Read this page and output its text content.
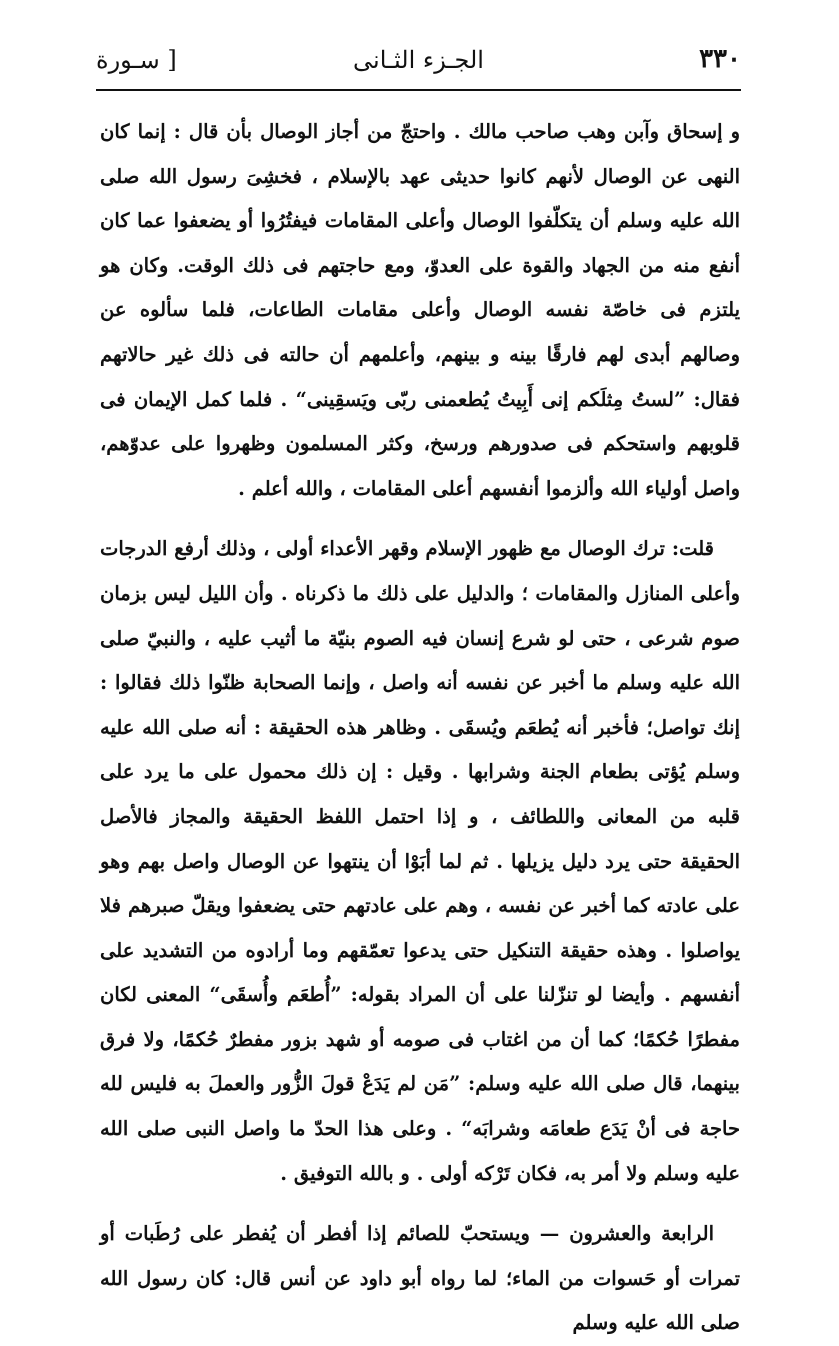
٣٣٠
الجـزء الثـانى
[ سـورة

و إسحاق وآبن وهب صاحب مالك . واحتجّ من أجاز الوصال بأن قال : إنما كان النهى عن الوصال لأنهم كانوا حديثى عهد بالإسلام ، فخشِىَ رسول الله صلى الله عليه وسلم أن يتكلّفوا الوصال وأعلى المقامات فيفتُرُوا أو يضعفوا عما كان أنفع منه من الجهاد والقوة على العدوّ، ومع حاجتهم فى ذلك الوقت. وكان هو يلتزم فى خاصّة نفسه الوصال وأعلى مقامات الطاعات، فلما سألوه عن وصالهم أبدى لهم فارقًا بينه و بينهم، وأعلمهم أن حالته فى ذلك غير حالاتهم فقال: ”لستُ مِثلَكم إنى أَبِيتُ يُطعمنى ربّى ويَسقِينى“ . فلما كمل الإيمان فى قلوبهم واستحكم فى صدورهم ورسخ، وكثر المسلمون وظهروا على عدوّهم، واصل أولياء الله وألزموا أنفسهم أعلى المقامات ، والله أعلم .

قلت: ترك الوصال مع ظهور الإسلام وقهر الأعداء أولى ، وذلك أرفع الدرجات وأعلى المنازل والمقامات ؛ والدليل على ذلك ما ذكرناه . وأن الليل ليس بزمان صوم شرعى ، حتى لو شرع إنسان فيه الصوم بنيّة ما أثيب عليه ، والنبيّ صلى الله عليه وسلم ما أخبر عن نفسه أنه واصل ، وإنما الصحابة ظنّوا ذلك فقالوا : إنك تواصل؛ فأخبر أنه يُطعَم ويُسقَى . وظاهر هذه الحقيقة : أنه صلى الله عليه وسلم يُؤتى بطعام الجنة وشرابها . وقيل : إن ذلك محمول على ما يرد على قلبه من المعانى واللطائف ، و إذا احتمل اللفظ الحقيقة والمجاز فالأصل الحقيقة حتى يرد دليل يزيلها . ثم لما أبَوْا أن ينتهوا عن الوصال واصل بهم وهو على عادته كما أخبر عن نفسه ، وهم على عادتهم حتى يضعفوا ويقلّ صبرهم فلا يواصلوا . وهذه حقيقة التنكيل حتى يدعوا تعمّقهم وما أرادوه من التشديد على أنفسهم . وأيضا لو تنزّلنا على أن المراد بقوله: ”أُطعَم وأُسقَى“ المعنى لكان مفطرًا حُكمًا؛ كما أن من اغتاب فى صومه أو شهد بزور مفطرٌ حُكمًا، ولا فرق بينهما، قال صلى الله عليه وسلم: ”مَن لم يَدَعْ قولَ الزُّور والعملَ به فليس لله حاجة فى أنْ يَدَع طعامَه وشرابَه“ . وعلى هذا الحدّ ما واصل النبى صلى الله عليه وسلم ولا أمر به، فكان تَرْكه أولى . و بالله التوفيق .

الرابعة والعشرون — ويستحبّ للصائم إذا أفطر أن يُفطر على رُطَبات أو تمرات أو حَسوات من الماء؛ لما رواه أبو داود عن أنس قال: كان رسول الله صلى الله عليه وسلم
